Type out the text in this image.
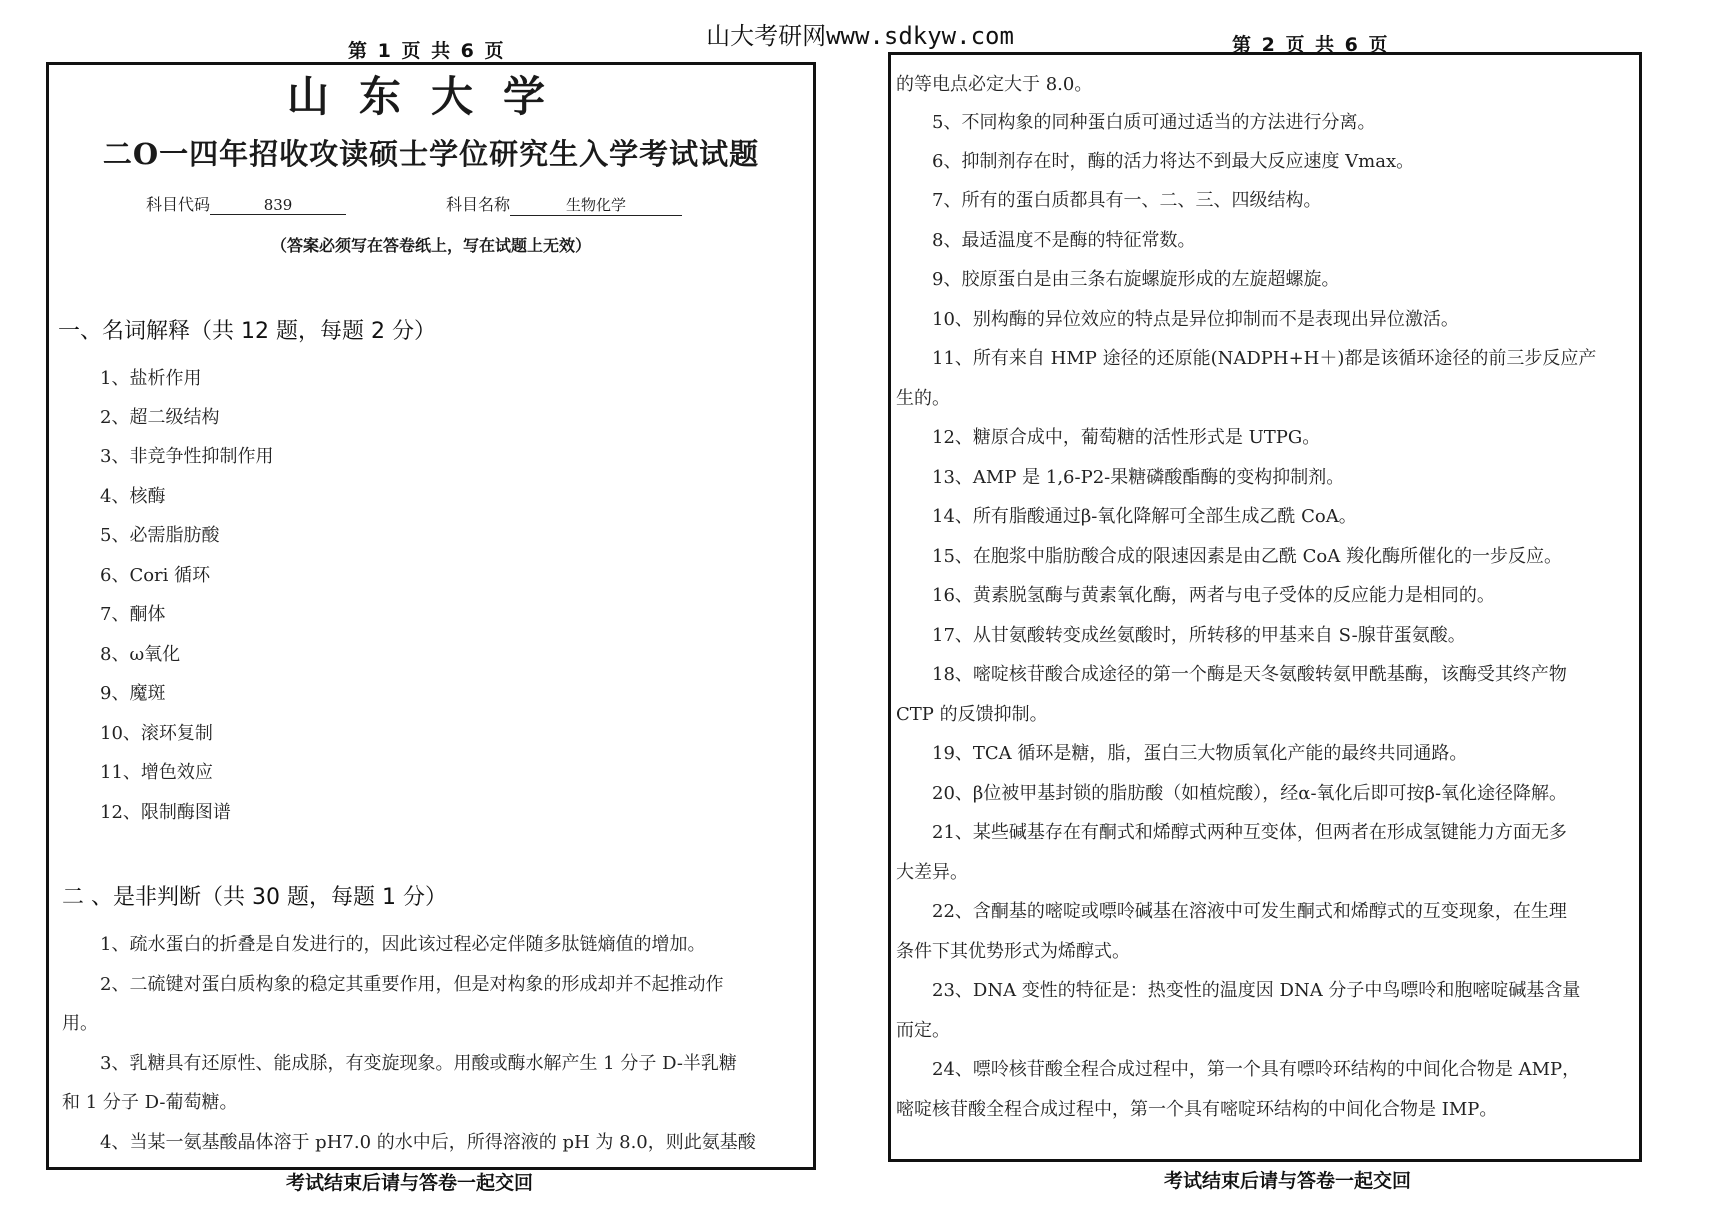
第 1 页 共 6 页
山大考研网www.sdkyw.com	第 2 页 共 6 页
山东大学
二O一四年招收攻读硕士学位研究生入学考试试题
科目代码	839	科目名称	生物化学
（答案必须写在答卷纸上，写在试题上无效）
一、名词解释（共 12 题，每题 2 分）
1、盐析作用
2、超二级结构
3、非竞争性抑制作用
4、核酶
5、必需脂肪酸
6、Cori 循环
7、酮体
8、ω氧化
9、魔斑
10、滚环复制
11、增色效应
12、限制酶图谱
二 、是非判断（共 30 题，每题 1 分）
1、疏水蛋白的折叠是自发进行的，因此该过程必定伴随多肽链熵值的增加。
2、二硫键对蛋白质构象的稳定其重要作用，但是对构象的形成却并不起推动作
用。
3、乳糖具有还原性、能成脎，有变旋现象。用酸或酶水解产生 1 分子 D-半乳糖
和 1 分子 D-葡萄糖。
4、当某一氨基酸晶体溶于 pH7.0 的水中后，所得溶液的 pH 为 8.0，则此氨基酸
考试结束后请与答卷一起交回
的等电点必定大于 8.0。
5、不同构象的同种蛋白质可通过适当的方法进行分离。
6、抑制剂存在时，酶的活力将达不到最大反应速度 Vmax。
7、所有的蛋白质都具有一、二、三、四级结构。
8、最适温度不是酶的特征常数。
9、胶原蛋白是由三条右旋螺旋形成的左旋超螺旋。
10、别构酶的异位效应的特点是异位抑制而不是表现出异位激活。
11、所有来自 HMP 途径的还原能(NADPH+H＋)都是该循环途径的前三步反应产
生的。
12、糖原合成中，葡萄糖的活性形式是 UTPG。
13、AMP 是 1,6-P2-果糖磷酸酯酶的变构抑制剂。
14、所有脂酸通过β-氧化降解可全部生成乙酰 CoA。
15、在胞浆中脂肪酸合成的限速因素是由乙酰 CoA 羧化酶所催化的一步反应。
16、黄素脱氢酶与黄素氧化酶，两者与电子受体的反应能力是相同的。
17、从甘氨酸转变成丝氨酸时，所转移的甲基来自 S-腺苷蛋氨酸。
18、嘧啶核苷酸合成途径的第一个酶是天冬氨酸转氨甲酰基酶，该酶受其终产物
CTP 的反馈抑制。
19、TCA 循环是糖，脂，蛋白三大物质氧化产能的最终共同通路。
20、β位被甲基封锁的脂肪酸（如植烷酸），经α-氧化后即可按β-氧化途径降解。
21、某些碱基存在有酮式和烯醇式两种互变体，但两者在形成氢键能力方面无多
大差异。
22、含酮基的嘧啶或嘌呤碱基在溶液中可发生酮式和烯醇式的互变现象，在生理
条件下其优势形式为烯醇式。
23、DNA 变性的特征是：热变性的温度因 DNA 分子中鸟嘌呤和胞嘧啶碱基含量
而定。
24、嘌呤核苷酸全程合成过程中，第一个具有嘌呤环结构的中间化合物是 AMP，
嘧啶核苷酸全程合成过程中，第一个具有嘧啶环结构的中间化合物是 IMP。
考试结束后请与答卷一起交回
